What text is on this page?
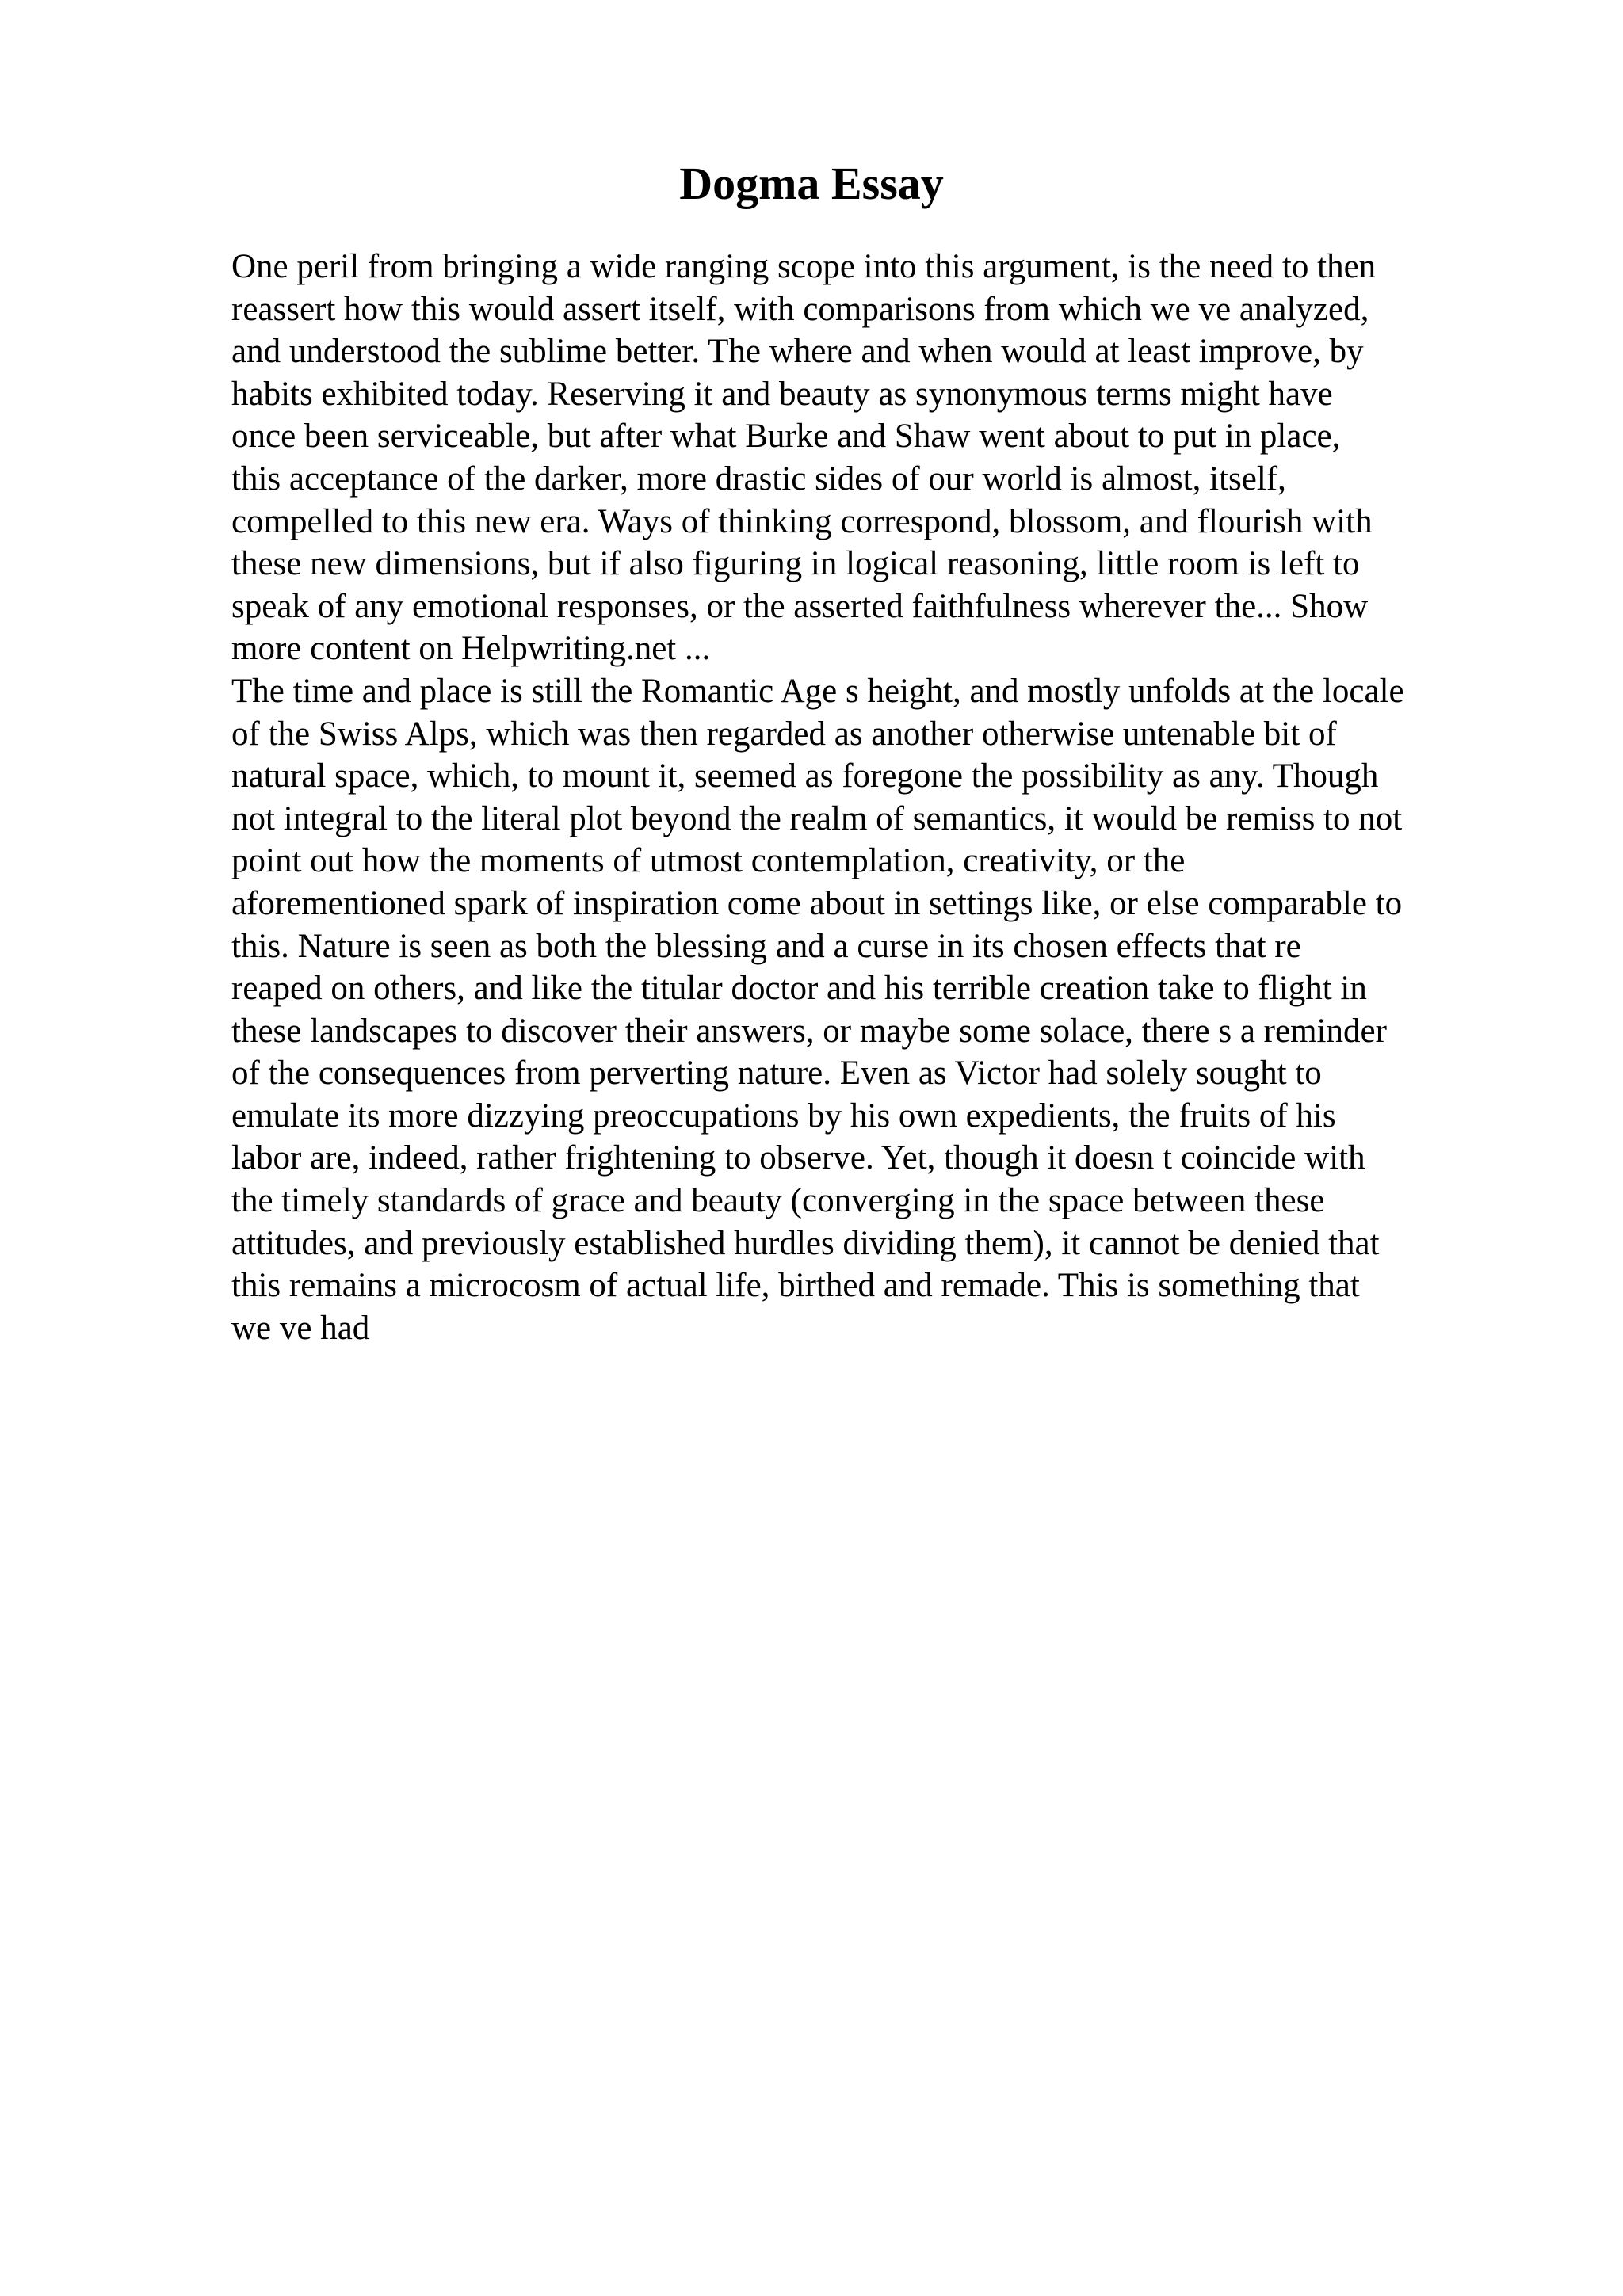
Dogma Essay
One peril from bringing a wide ranging scope into this argument, is the need to then
reassert how this would assert itself, with comparisons from which we ve analyzed,
and understood the sublime better. The where and when would at least improve, by
habits exhibited today. Reserving it and beauty as synonymous terms might have
once been serviceable, but after what Burke and Shaw went about to put in place,
this acceptance of the darker, more drastic sides of our world is almost, itself,
compelled to this new era. Ways of thinking correspond, blossom, and flourish with
these new dimensions, but if also figuring in logical reasoning, little room is left to
speak of any emotional responses, or the asserted faithfulness wherever the... Show
more content on Helpwriting.net ...
The time and place is still the Romantic Age s height, and mostly unfolds at the locale
of the Swiss Alps, which was then regarded as another otherwise untenable bit of
natural space, which, to mount it, seemed as foregone the possibility as any. Though
not integral to the literal plot beyond the realm of semantics, it would be remiss to not
point out how the moments of utmost contemplation, creativity, or the
aforementioned spark of inspiration come about in settings like, or else comparable to
this. Nature is seen as both the blessing and a curse in its chosen effects that re
reaped on others, and like the titular doctor and his terrible creation take to flight in
these landscapes to discover their answers, or maybe some solace, there s a reminder
of the consequences from perverting nature. Even as Victor had solely sought to
emulate its more dizzying preoccupations by his own expedients, the fruits of his
labor are, indeed, rather frightening to observe. Yet, though it doesn t coincide with
the timely standards of grace and beauty (converging in the space between these
attitudes, and previously established hurdles dividing them), it cannot be denied that
this remains a microcosm of actual life, birthed and remade. This is something that
we ve had
